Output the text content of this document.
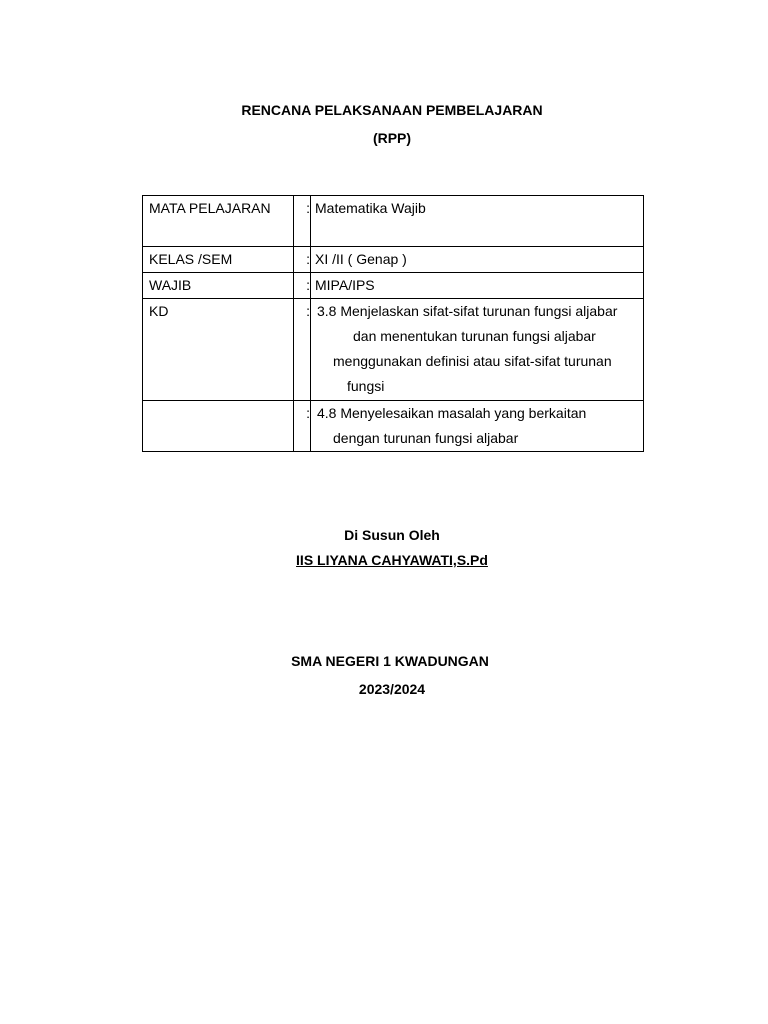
RENCANA PELAKSANAAN PEMBELAJARAN
(RPP)
MATA PELAJARAN	:	Matematika Wajib
KELAS /SEM	:	XI /II ( Genap )
WAJIB	:	MIPA/IPS
KD	:	3.8 Menjelaskan sifat-sifat turunan fungsi aljabar
dan menentukan turunan fungsi aljabar
menggunakan definisi atau sifat-sifat turunan
fungsi

	:	4.8 Menyelesaikan masalah yang berkaitan
dengan turunan fungsi aljabar
Di Susun Oleh
IIS LIYANA CAHYAWATI,S.Pd
SMA NEGERI 1 KWADUNGAN
2023/2024
